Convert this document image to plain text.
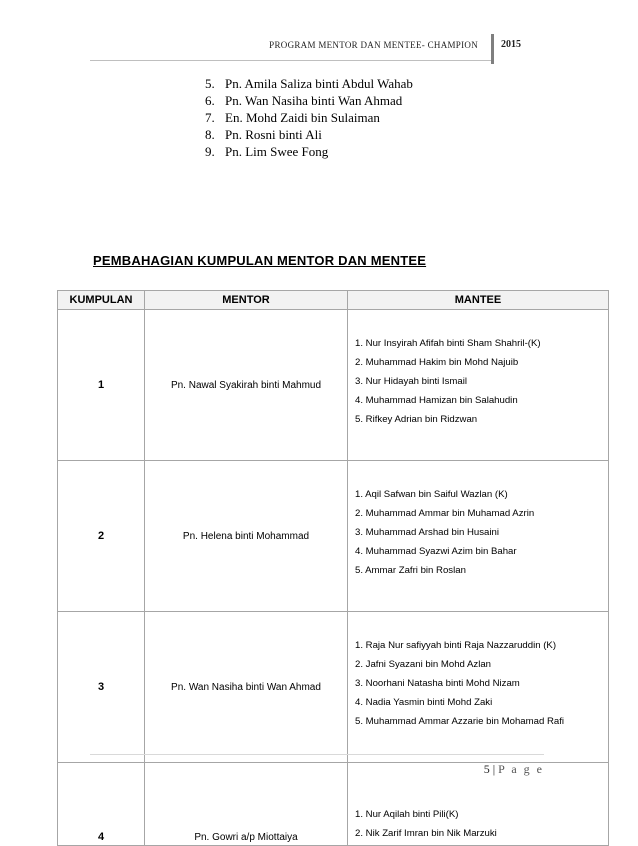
PROGRAM MENTOR DAN MENTEE- CHAMPION 2015
5. Pn. Amila Saliza binti Abdul Wahab
6. Pn. Wan Nasiha binti Wan Ahmad
7. En. Mohd Zaidi bin Sulaiman
8. Pn. Rosni binti Ali
9. Pn. Lim Swee Fong
PEMBAHAGIAN KUMPULAN MENTOR DAN MENTEE
KUMPULAN	MENTOR	MANTEE
1	Pn. Nawal Syakirah binti Mahmud	1. Nur Insyirah Afifah binti Sham Shahril-(K)
2. Muhammad Hakim bin Mohd Najuib
3. Nur Hidayah binti Ismail
4. Muhammad Hamizan bin Salahudin
5. Rifkey Adrian bin Ridzwan

2	Pn. Helena binti Mohammad	1. Aqil Safwan bin Saiful Wazlan (K)
2. Muhammad Ammar bin Muhamad Azrin
3. Muhammad Arshad bin Husaini
4. Muhammad Syazwi Azim bin Bahar
5. Ammar Zafri bin Roslan

3	Pn. Wan Nasiha binti Wan Ahmad	1. Raja Nur safiyyah binti Raja Nazzaruddin (K)
2. Jafni Syazani bin Mohd Azlan
3. Noorhani Natasha binti Mohd Nizam
4. Nadia Yasmin binti Mohd Zaki
5. Muhammad Ammar Azzarie bin Mohamad Rafi

4	Pn. Gowri a/p Miottaiya	1. Nur Aqilah binti Pili(K)
2. Nik Zarif Imran bin Nik Marzuki
5 | P a g e
